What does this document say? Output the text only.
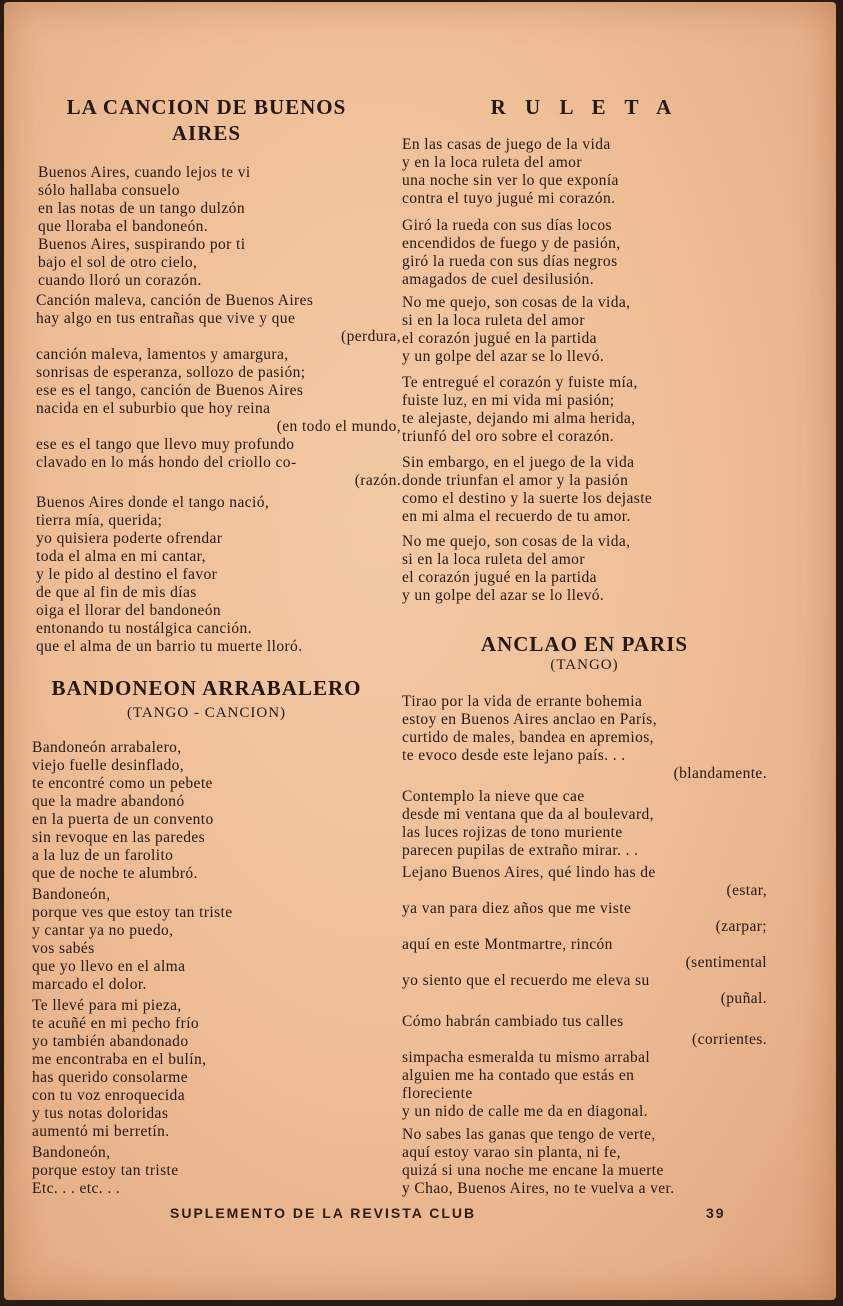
LA CANCION DE BUENOS
AIRES
Buenos Aires, cuando lejos te vi
sólo hallaba consuelo
en las notas de un tango dulzón
que lloraba el bandoneón.
Buenos Aires, suspirando por ti
bajo el sol de otro cielo,
cuando lloró un corazón.
Canción maleva, canción de Buenos Aires
hay algo en tus entrañas que vive y que
(perdura,
canción maleva, lamentos y amargura,
sonrisas de esperanza, sollozo de pasión;
ese es el tango, canción de Buenos Aires
nacida en el suburbio que hoy reina
(en todo el mundo,
ese es el tango que llevo muy profundo
clavado en lo más hondo del criollo co-
(razón.
Buenos Aires donde el tango nació,
tierra mía, querida;
yo quisiera poderte ofrendar
toda el alma en mi cantar,
y le pido al destino el favor
de que al fin de mis días
oiga el llorar del bandoneón
entonando tu nostálgica canción.
que el alma de un barrio tu muerte lloró.
BANDONEON ARRABALERO
(TANGO - CANCION)
Bandoneón arrabalero,
viejo fuelle desinflado,
te encontré como un pebete
que la madre abandonó
en la puerta de un convento
sin revoque en las paredes
a la luz de un farolito
que de noche te alumbró.
Bandoneón,
porque ves que estoy tan triste
y cantar ya no puedo,
vos sabés
que yo llevo en el alma
marcado el dolor.
Te llevé para mi pieza,
te acuñé en mi pecho frío
yo también abandonado
me encontraba en el bulín,
has querido consolarme
con tu voz enroquecida
y tus notas doloridas
aumentó mi berretín.
Bandoneón,
porque estoy tan triste
Etc. . . etc. . .
R U L E T A
En las casas de juego de la vida
y en la loca ruleta del amor
una noche sin ver lo que exponía
contra el tuyo jugué mi corazón.
Giró la rueda con sus días locos
encendidos de fuego y de pasión,
giró la rueda con sus días negros
amagados de cuel desilusión.
No me quejo, son cosas de la vida,
si en la loca ruleta del amor
el corazón jugué en la partida
y un golpe del azar se lo llevó.
Te entregué el corazón y fuiste mía,
fuiste luz, en mi vida mi pasión;
te alejaste, dejando mi alma herida,
triunfó del oro sobre el corazón.
Sin embargo, en el juego de la vida
donde triunfan el amor y la pasión
como el destino y la suerte los dejaste
en mi alma el recuerdo de tu amor.
No me quejo, son cosas de la vida,
si en la loca ruleta del amor
el corazón jugué en la partida
y un golpe del azar se lo llevó.
ANCLAO EN PARIS
(TANGO)
Tirao por la vida de errante bohemia
estoy en Buenos Aires anclao en París,
curtido de males, bandea en apremios,
te evoco desde este lejano país. . .
(blandamente.
Contemplo la nieve que cae
desde mi ventana que da al boulevard,
las luces rojizas de tono muriente
parecen pupilas de extraño mirar. . .
Lejano Buenos Aires, qué lindo has de
(estar,
ya van para diez años que me viste
(zarpar;
aquí en este Montmartre, rincón
(sentimental
yo siento que el recuerdo me eleva su
(puñal.
Cómo habrán cambiado tus calles
(corrientes.
simpacha esmeralda tu mismo arrabal
alguien me ha contado que estás en
floreciente
y un nido de calle me da en diagonal.
No sabes las ganas que tengo de verte,
aquí estoy varao sin planta, ni fe,
quizá si una noche me encane la muerte
y Chao, Buenos Aires, no te vuelva a ver.
SUPLEMENTO DE LA REVISTA CLUB	39
